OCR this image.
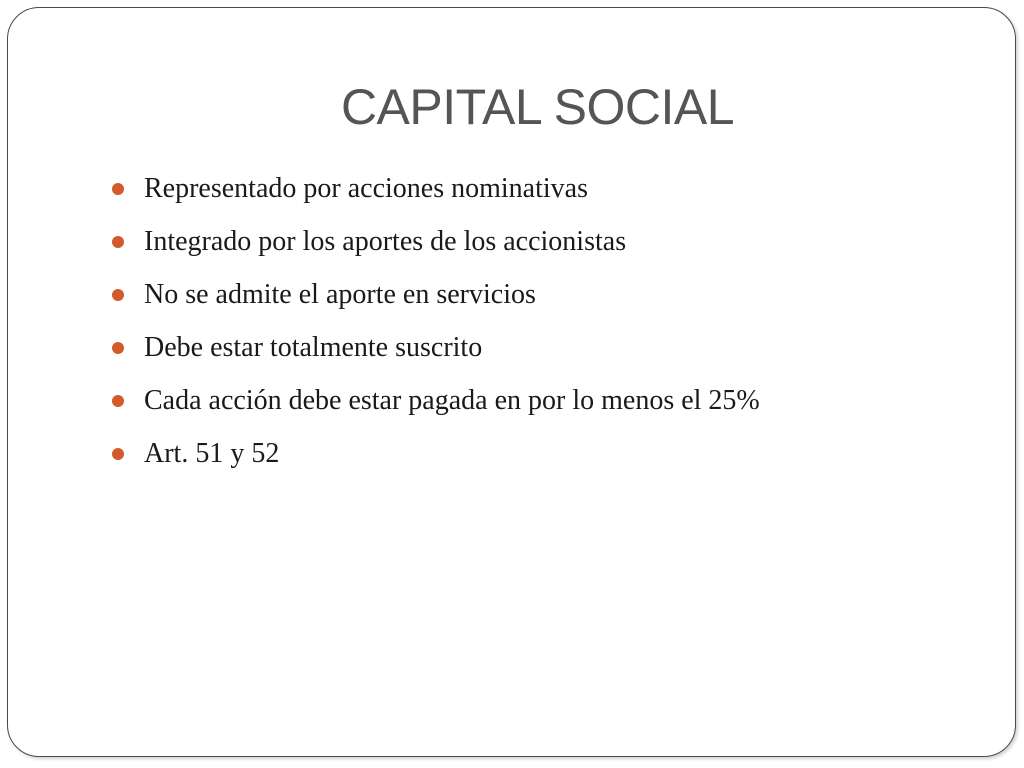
CAPITAL SOCIAL
Representado por acciones nominativas
Integrado por los aportes de los accionistas
No se admite el aporte en servicios
Debe estar totalmente suscrito
Cada acción debe estar pagada en por lo menos el 25%
Art. 51 y 52
